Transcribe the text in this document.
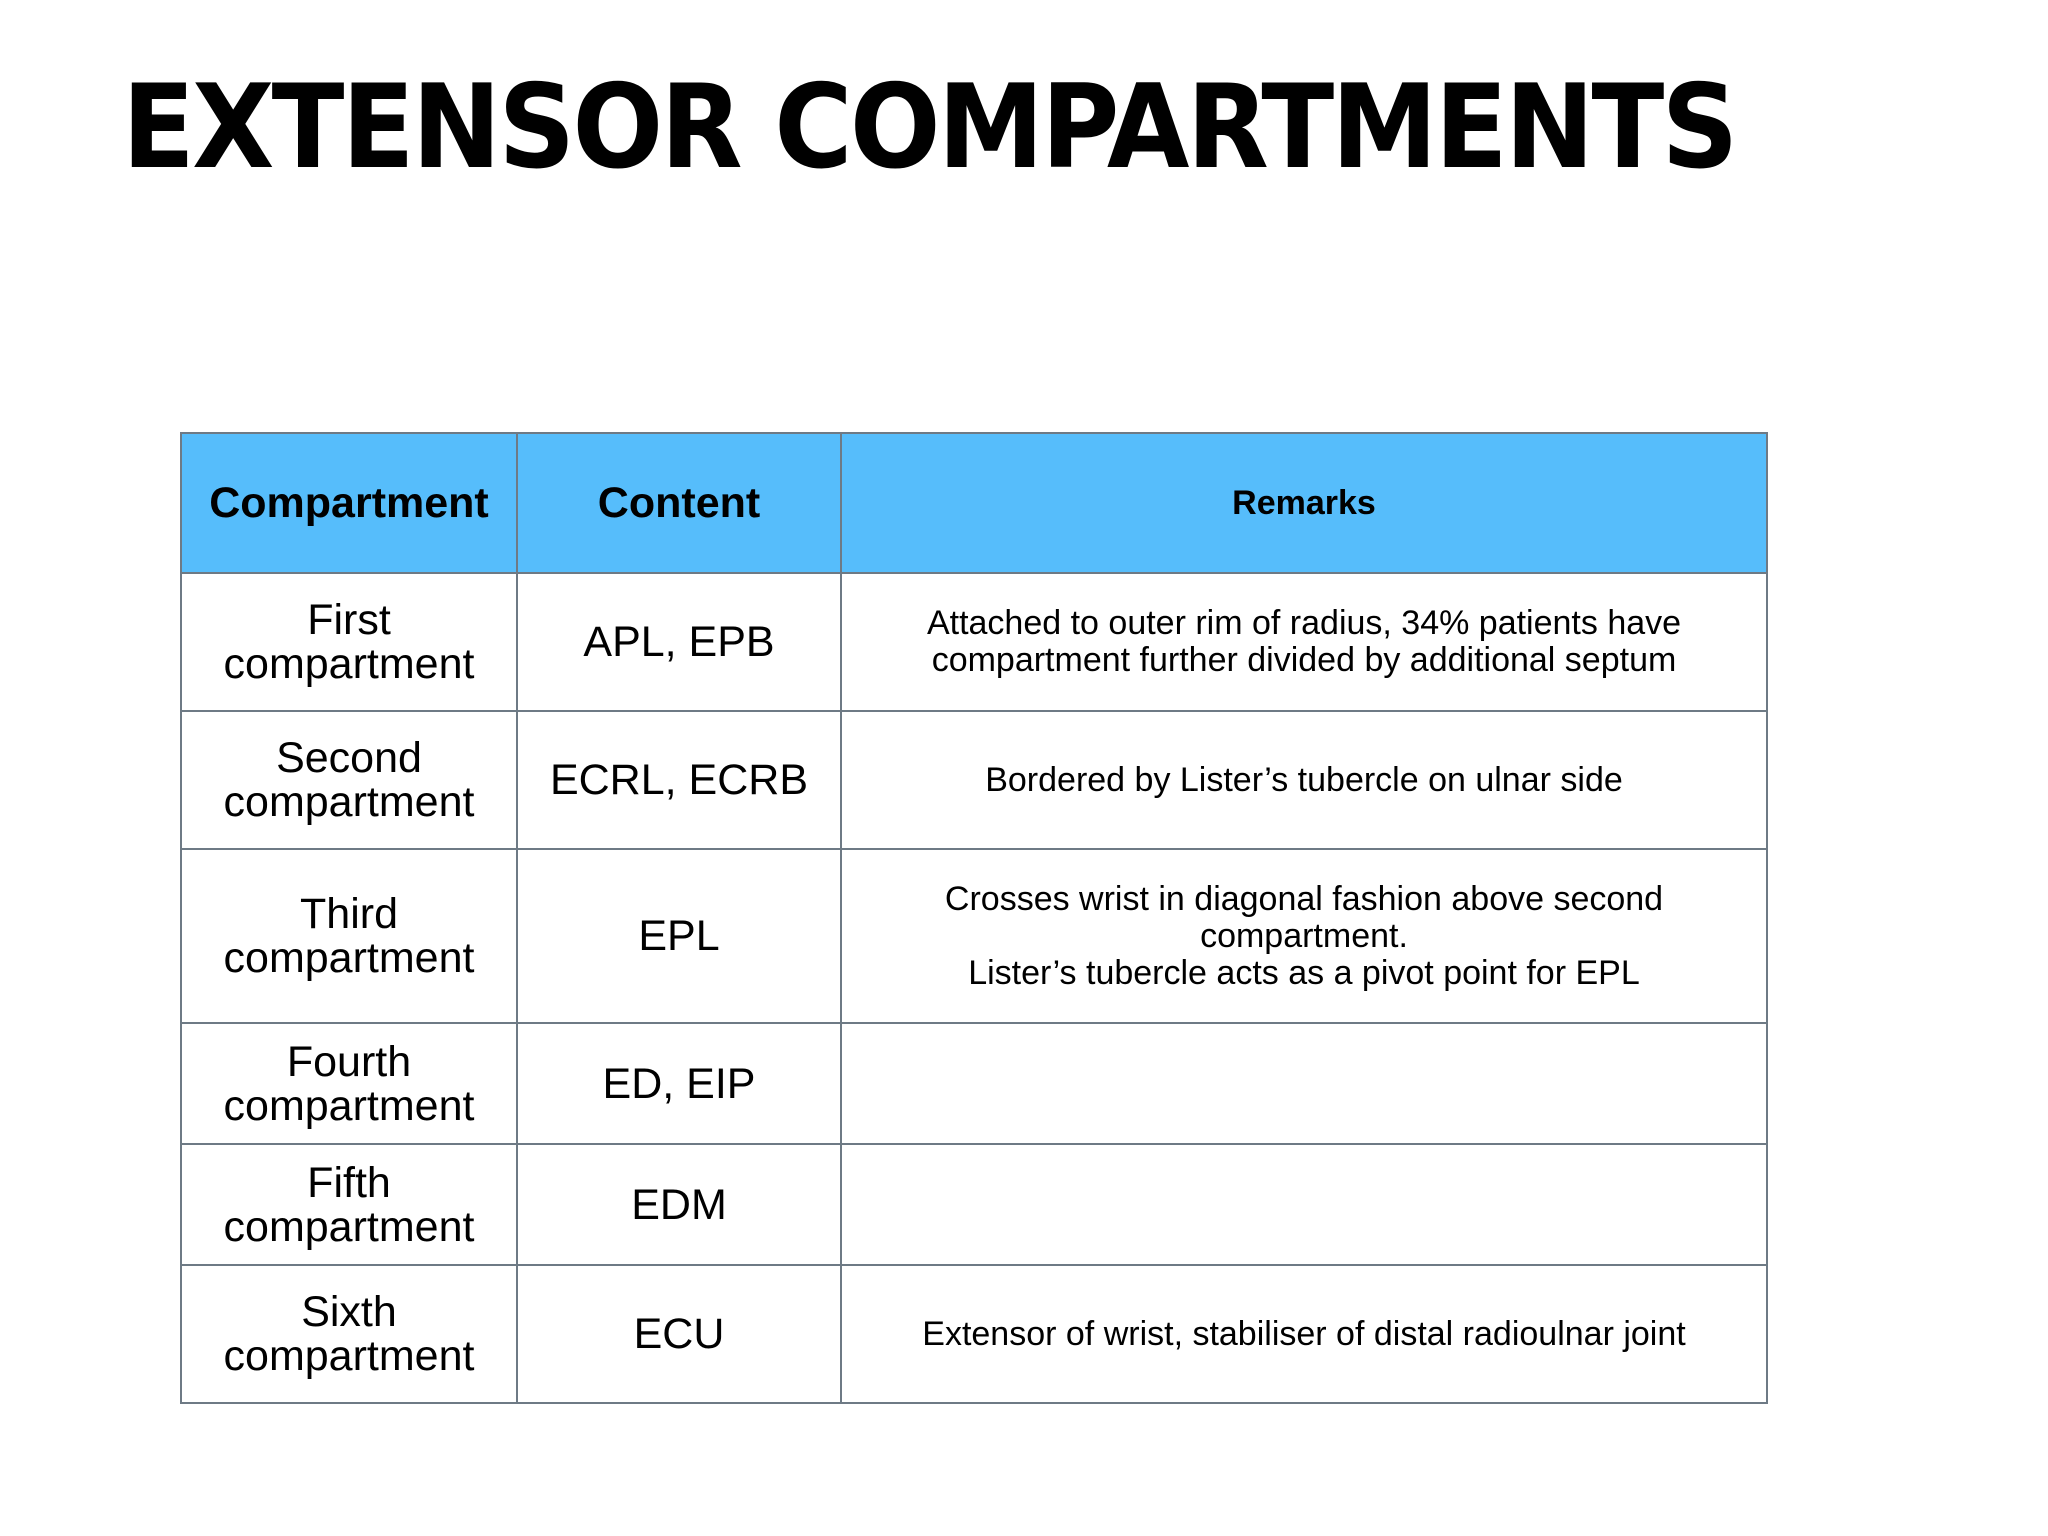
EXTENSOR COMPARTMENTS
Compartment	Content	Remarks
First compartment	APL, EPB	Attached to outer rim of radius, 34% patients have compartment further divided by additional septum
Second compartment	ECRL, ECRB	Bordered by Lister’s tubercle on ulnar side
Third compartment	EPL	Crosses wrist in diagonal fashion above second compartment.
Lister’s tubercle acts as a pivot point for EPL
Fourth compartment	ED, EIP	
Fifth compartment	EDM	
Sixth compartment	ECU	Extensor of wrist, stabiliser of distal radioulnar joint
